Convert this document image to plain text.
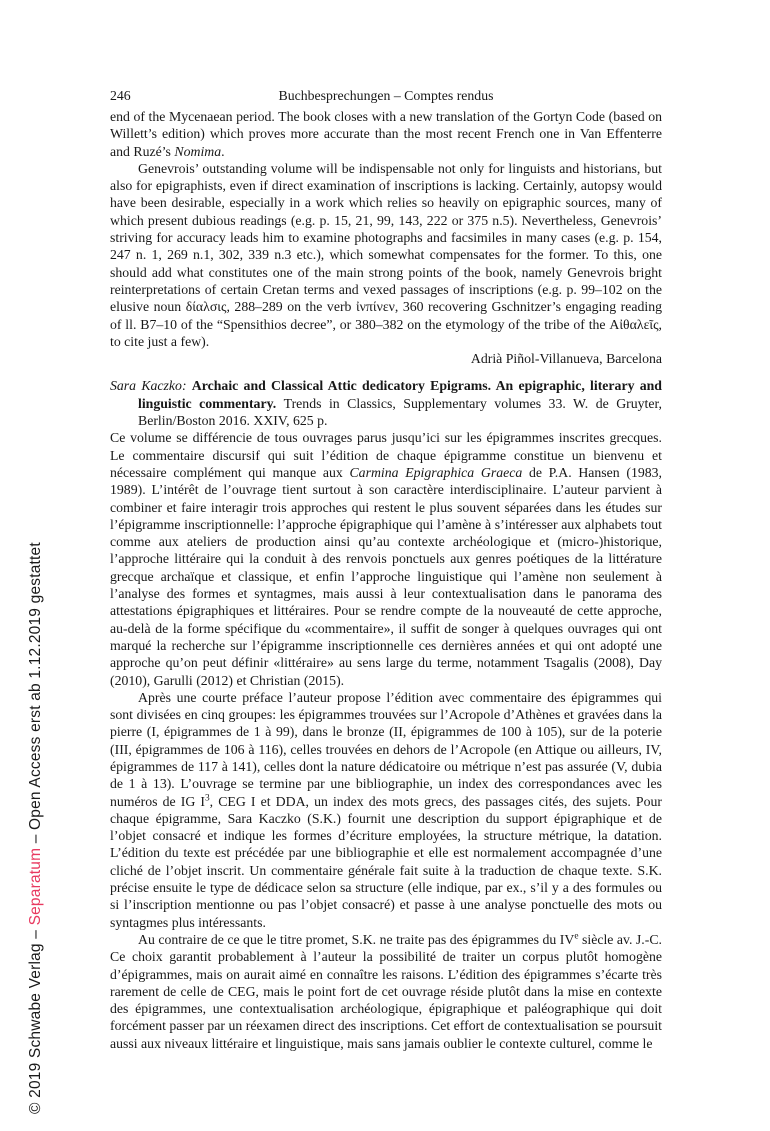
246	Buchbesprechungen – Comptes rendus

end of the Mycenaean period. The book closes with a new translation of the Gortyn Code (based on Willett’s edition) which proves more accurate than the most recent French one in Van Effenterre and Ruzé’s Nomima.

Genevrois’ outstanding volume will be indispensable not only for linguists and historians, but also for epigraphists, even if direct examination of inscriptions is lacking. Certainly, autopsy would have been desirable, especially in a work which relies so heavily on epigraphic sources, many of which present dubious readings (e.g. p. 15, 21, 99, 143, 222 or 375 n.5). Nevertheless, Genevrois’ striving for accuracy leads him to examine photographs and facsimiles in many cases (e.g. p. 154, 247 n. 1, 269 n.1, 302, 339 n.3 etc.), which somewhat compensates for the former. To this, one should add what constitutes one of the main strong points of the book, namely Genevrois bright reinterpretations of certain Cretan terms and vexed passages of inscriptions (e.g. p. 99–102 on the elusive noun δίαλσις, 288–289 on the verb ἰνπίνεν, 360 recovering Gschnitzer’s engaging reading of ll. B7–10 of the “Spensithios decree”, or 380–382 on the etymology of the tribe of the Αἰθαλεῖς, to cite just a few).

Adrià Piñol-Villanueva, Barcelona

Sara Kaczko: Archaic and Classical Attic dedicatory Epigrams. An epigraphic, literary and linguistic commentary. Trends in Classics, Supplementary volumes 33. W. de Gruyter, Berlin/Boston 2016. XXIV, 625 p.

Ce volume se différencie de tous ouvrages parus jusqu’ici sur les épigrammes inscrites grecques. Le commentaire discursif qui suit l’édition de chaque épigramme constitue un bienvenu et nécessaire complément qui manque aux Carmina Epigraphica Graeca de P.A. Hansen (1983, 1989). L’intérêt de l’ouvrage tient surtout à son caractère interdisciplinaire. L’auteur parvient à combiner et faire interagir trois approches qui restent le plus souvent séparées dans les études sur l’épigramme inscriptionnelle: l’approche épigraphique qui l’amène à s’intéresser aux alphabets tout comme aux ateliers de production ainsi qu’au contexte archéologique et (micro-)historique, l’approche littéraire qui la conduit à des renvois ponctuels aux genres poétiques de la littérature grecque archaïque et classique, et enfin l’approche linguistique qui l’amène non seulement à l’analyse des formes et syntagmes, mais aussi à leur contextualisation dans le panorama des attestations épigraphiques et littéraires. Pour se rendre compte de la nouveauté de cette approche, au-delà de la forme spécifique du «commentaire», il suffit de songer à quelques ouvrages qui ont marqué la recherche sur l’épigramme inscriptionnelle ces dernières années et qui ont adopté une approche qu’on peut définir «littéraire» au sens large du terme, notamment Tsagalis (2008), Day (2010), Garulli (2012) et Christian (2015).

Après une courte préface l’auteur propose l’édition avec commentaire des épigrammes qui sont divisées en cinq groupes: les épigrammes trouvées sur l’Acropole d’Athènes et gravées dans la pierre (I, épigrammes de 1 à 99), dans le bronze (II, épigrammes de 100 à 105), sur de la poterie (III, épigrammes de 106 à 116), celles trouvées en dehors de l’Acropole (en Attique ou ailleurs, IV, épigrammes de 117 à 141), celles dont la nature dédicatoire ou métrique n’est pas assurée (V, dubia de 1 à 13). L’ouvrage se termine par une bibliographie, un index des correspondances avec les numéros de IG $I^3$, CEG I et DDA, un index des mots grecs, des passages cités, des sujets. Pour chaque épigramme, Sara Kaczko (S.K.) fournit une description du support épigraphique et de l’objet consacré et indique les formes d’écriture employées, la structure métrique, la datation. L’édition du texte est précédée par une bibliographie et elle est normalement accompagnée d’une cliché de l’objet inscrit. Un commentaire générale fait suite à la traduction de chaque texte. S.K. précise ensuite le type de dédicace selon sa structure (elle indique, par ex., s’il y a des formules ou si l’inscription mentionne ou pas l’objet consacré) et passe à une analyse ponctuelle des mots ou syntagmes plus intéressants.

Au contraire de ce que le titre promet, S.K. ne traite pas des épigrammes du IVe siècle av. J.-C. Ce choix garantit probablement à l’auteur la possibilité de traiter un corpus plutôt homogène d’épigrammes, mais on aurait aimé en connaître les raisons. L’édition des épigrammes s’écarte très rarement de celle de CEG, mais le point fort de cet ouvrage réside plutôt dans la mise en contexte des épigrammes, une contextualisation archéologique, épigraphique et paléographique qui doit forcément passer par un réexamen direct des inscriptions. Cet effort de contextualisation se poursuit aussi aux niveaux littéraire et linguistique, mais sans jamais oublier le contexte culturel, comme le

© 2019 Schwabe Verlag – Separatum – Open Access erst ab 1.12.2019 gestattet
